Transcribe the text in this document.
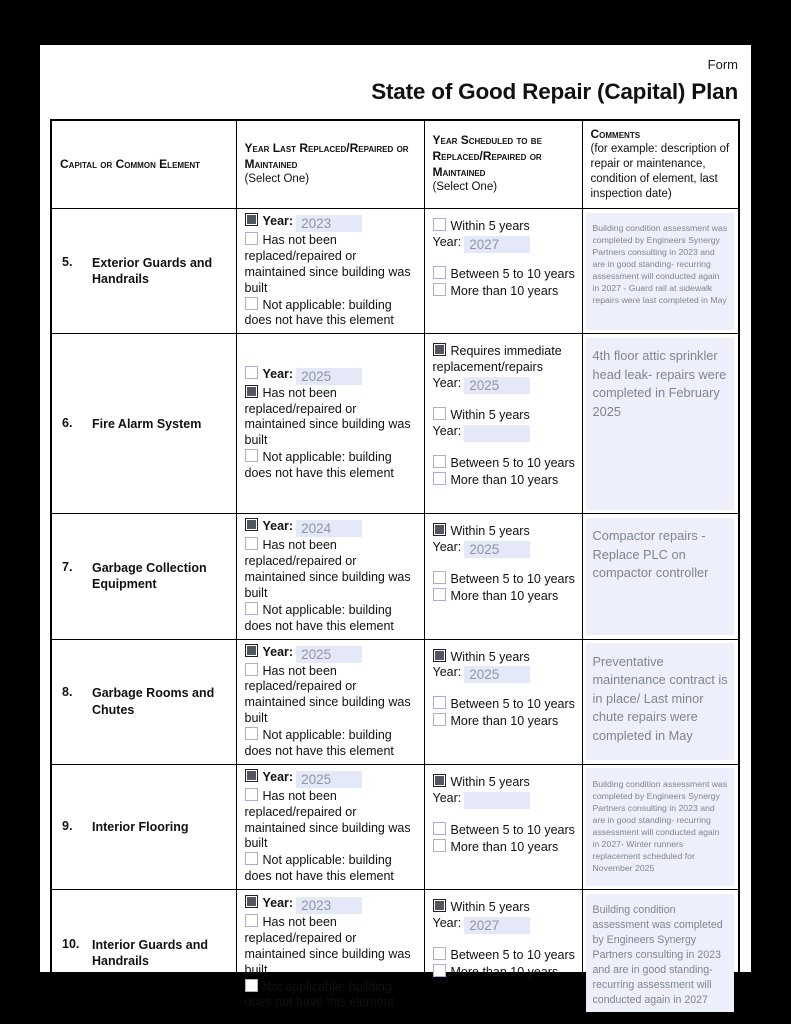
Form
State of Good Repair (Capital) Plan
Capital or Common Element

Year Last Replaced/Repaired or Maintained
(Select One)

Year Scheduled to be Replaced/Repaired or Maintained
(Select One)

Comments
(for example: description of repair or maintenance, condition of element, last inspection date)

5.	Exterior Guards and Handrails

Year: 2023
Has not been replaced/repaired or maintained since building was built
Not applicable: building does not have this element

Within 5 years
Year: 2027
Between 5 to 10 years
More than 10 years

Building condition assessment was completed by Engineers Synergy Partners consulting in 2023 and are in good standing- recurring assessment will conducted again in 2027 - Guard rail at sidewalk repairs were last completed in May

6.	Fire Alarm System

Year: 2025
Has not been replaced/repaired or maintained since building was built
Not applicable: building does not have this element

Requires immediate replacement/repairs
Year: 2025
Within 5 years
Year:
Between 5 to 10 years
More than 10 years

4th floor attic sprinkler head leak- repairs were completed in February 2025

7.	Garbage Collection Equipment

Year: 2024
Has not been replaced/repaired or maintained since building was built
Not applicable: building does not have this element

Within 5 years
Year: 2025
Between 5 to 10 years
More than 10 years

Compactor repairs - Replace PLC on compactor controller

8.	Garbage Rooms and Chutes

Year: 2025
Has not been replaced/repaired or maintained since building was built
Not applicable: building does not have this element

Within 5 years
Year: 2025
Between 5 to 10 years
More than 10 years

Preventative maintenance contract is in place/ Last minor chute repairs were completed in May

9.	Interior Flooring

Year: 2025
Has not been replaced/repaired or maintained since building was built
Not applicable: building does not have this element

Within 5 years
Year:
Between 5 to 10 years
More than 10 years

Building condition assessment was completed by Engineers Synergy Partners consulting in 2023 and are in good standing- recurring assessment will conducted again in 2027- Winter runners replacement scheduled for November 2025

10.	Interior Guards and Handrails

Year: 2023
Has not been replaced/repaired or maintained since building was built
Not applicable: building does not have this element

Within 5 years
Year: 2027
Between 5 to 10 years
More than 10 years

Building condition assessment was completed by Engineers Synergy Partners consulting in 2023 and are in good standing- recurring assessment will conducted again in 2027
